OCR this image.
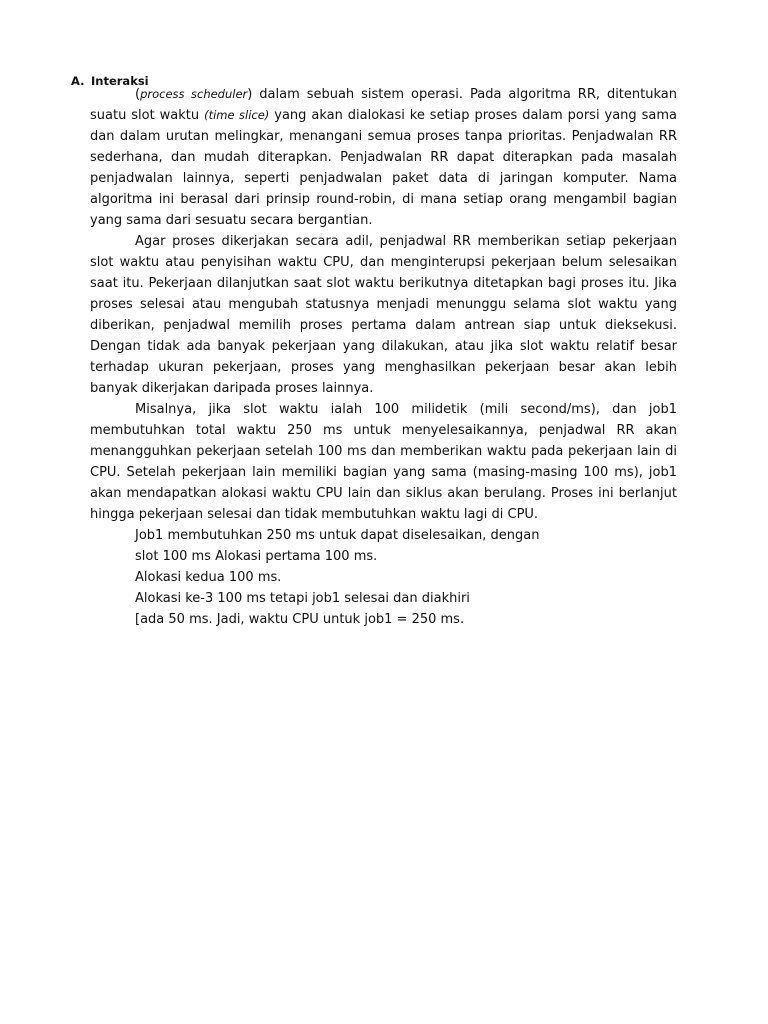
A. Interaksi

(process scheduler) dalam sebuah sistem operasi. Pada algoritma RR, ditentukan suatu slot waktu (time slice) yang akan dialokasi ke setiap proses dalam porsi yang sama dan dalam urutan melingkar, menangani semua proses tanpa prioritas. Penjadwalan RR sederhana, dan mudah diterapkan. Penjadwalan RR dapat diterapkan pada masalah penjadwalan lainnya, seperti penjadwalan paket data di jaringan komputer. Nama algoritma ini berasal dari prinsip round-robin, di mana setiap orang mengambil bagian yang sama dari sesuatu secara bergantian.

Agar proses dikerjakan secara adil, penjadwal RR memberikan setiap pekerjaan slot waktu atau penyisihan waktu CPU, dan menginterupsi pekerjaan belum selesaikan saat itu. Pekerjaan dilanjutkan saat slot waktu berikutnya ditetapkan bagi proses itu. Jika proses selesai atau mengubah statusnya menjadi menunggu selama slot waktu yang diberikan, penjadwal memilih proses pertama dalam antrean siap untuk dieksekusi. Dengan tidak ada banyak pekerjaan yang dilakukan, atau jika slot waktu relatif besar terhadap ukuran pekerjaan, proses yang menghasilkan pekerjaan besar akan lebih banyak dikerjakan daripada proses lainnya.

Misalnya, jika slot waktu ialah 100 milidetik (mili second/ms), dan job1 membutuhkan total waktu 250 ms untuk menyelesaikannya, penjadwal RR akan menangguhkan pekerjaan setelah 100 ms dan memberikan waktu pada pekerjaan lain di CPU. Setelah pekerjaan lain memiliki bagian yang sama (masing-masing 100 ms), job1 akan mendapatkan alokasi waktu CPU lain dan siklus akan berulang. Proses ini berlanjut hingga pekerjaan selesai dan tidak membutuhkan waktu lagi di CPU.

Job1 membutuhkan 250 ms untuk dapat diselesaikan, dengan
slot 100 ms Alokasi pertama 100 ms.
Alokasi kedua 100 ms.
Alokasi ke-3 100 ms tetapi job1 selesai dan diakhiri
[ada 50 ms. Jadi, waktu CPU untuk job1 = 250 ms.
